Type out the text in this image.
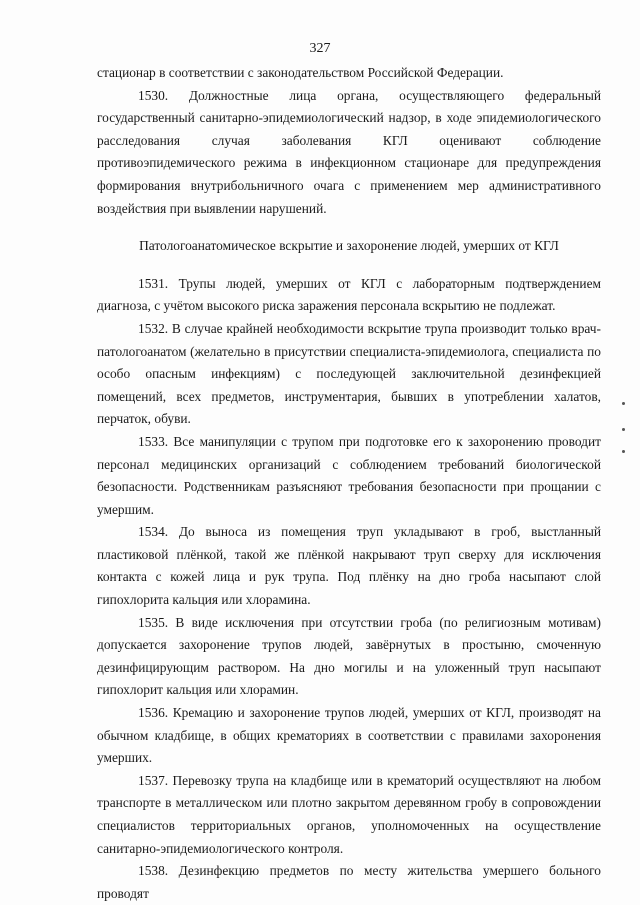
327

стационар в соответствии с законодательством Российской Федерации.

1530. Должностные лица органа, осуществляющего федеральный государственный санитарно-эпидемиологический надзор, в ходе эпидемиологического расследования случая заболевания КГЛ оценивают соблюдение противоэпидемического режима в инфекционном стационаре для предупреждения формирования внутрибольничного очага с применением мер административного воздействия при выявлении нарушений.

Патологоанатомическое вскрытие и захоронение людей, умерших от КГЛ

1531. Трупы людей, умерших от КГЛ с лабораторным подтверждением диагноза, с учётом высокого риска заражения персонала вскрытию не подлежат.

1532. В случае крайней необходимости вскрытие трупа производит только врач-патологоанатом (желательно в присутствии специалиста-эпидемиолога, специалиста по особо опасным инфекциям) с последующей заключительной дезинфекцией помещений, всех предметов, инструментария, бывших в употреблении халатов, перчаток, обуви.

1533. Все манипуляции с трупом при подготовке его к захоронению проводит персонал медицинских организаций с соблюдением требований биологической безопасности. Родственникам разъясняют требования безопасности при прощании с умершим.

1534. До выноса из помещения труп укладывают в гроб, выстланный пластиковой плёнкой, такой же плёнкой накрывают труп сверху для исключения контакта с кожей лица и рук трупа. Под плёнку на дно гроба насыпают слой гипохлорита кальция или хлорамина.

1535. В виде исключения при отсутствии гроба (по религиозным мотивам) допускается захоронение трупов людей, завёрнутых в простыню, смоченную дезинфицирующим раствором. На дно могилы и на уложенный труп насыпают гипохлорит кальция или хлорамин.

1536. Кремацию и захоронение трупов людей, умерших от КГЛ, производят на обычном кладбище, в общих крематориях в соответствии с правилами захоронения умерших.

1537. Перевозку трупа на кладбище или в крематорий осуществляют на любом транспорте в металлическом или плотно закрытом деревянном гробу в сопровождении специалистов территориальных органов, уполномоченных на осуществление санитарно-эпидемиологического контроля.

1538. Дезинфекцию предметов по месту жительства умершего больного проводят
